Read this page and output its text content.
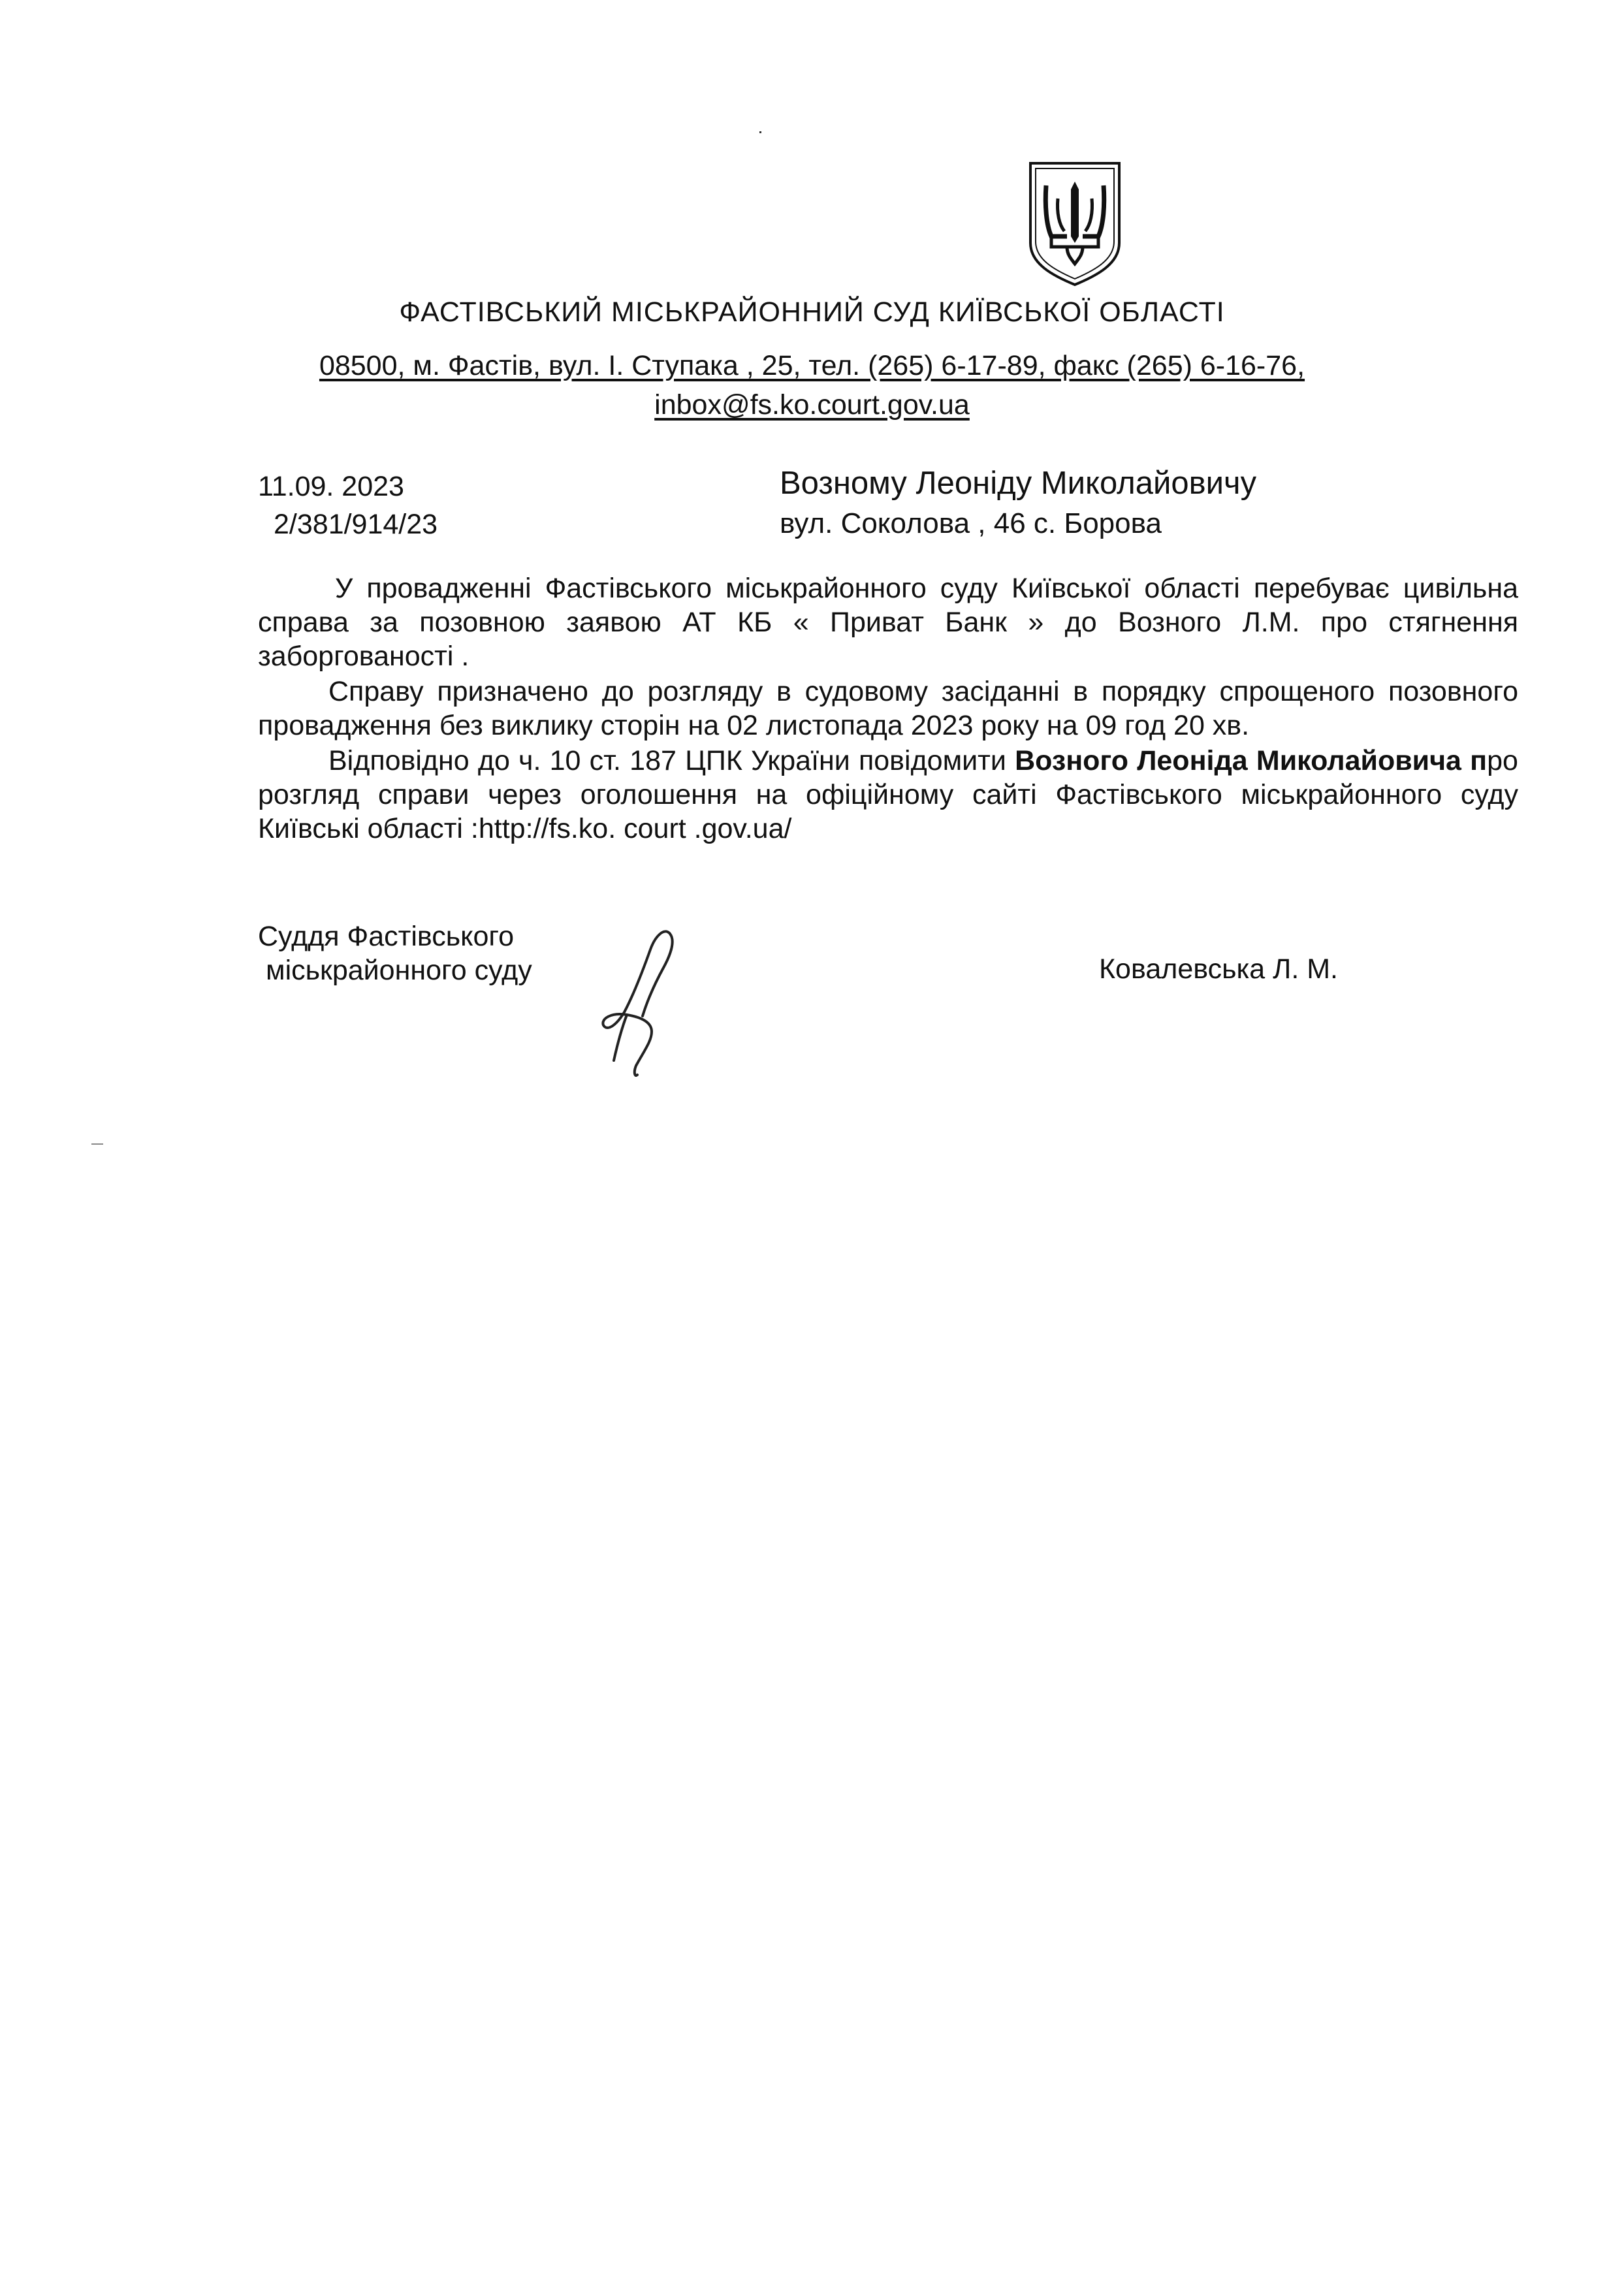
ФАСТІВСЬКИЙ МІСЬКРАЙОННИЙ СУД КИЇВСЬКОЇ ОБЛАСТІ
08500, м. Фастів, вул. І. Ступака , 25, тел. (265) 6-17-89, факс (265) 6-16-76,
inbox@fs.ko.court.gov.ua
11.09. 2023
2/381/914/23
Возному Леоніду Миколайовичу
вул. Соколова , 46 с. Борова

У провадженні Фастівського міськрайонного суду Київської області перебуває цивільна справа за позовною заявою АТ КБ « Приват Банк » до Возного Л.М. про стягнення заборгованості .

Справу призначено до розгляду в судовому засіданні в порядку спрощеного позовного провадження без виклику сторін на 02 листопада 2023 року на 09 год 20 хв.

Відповідно до ч. 10 ст. 187 ЦПК України повідомити Возного Леоніда Миколайовича про розгляд справи через оголошення на офіційному сайті Фастівського міськрайонного суду Київські області :http://fs.ko. court .gov.ua/

Суддя Фастівського
міськрайонного суду	Ковалевська Л. М.
